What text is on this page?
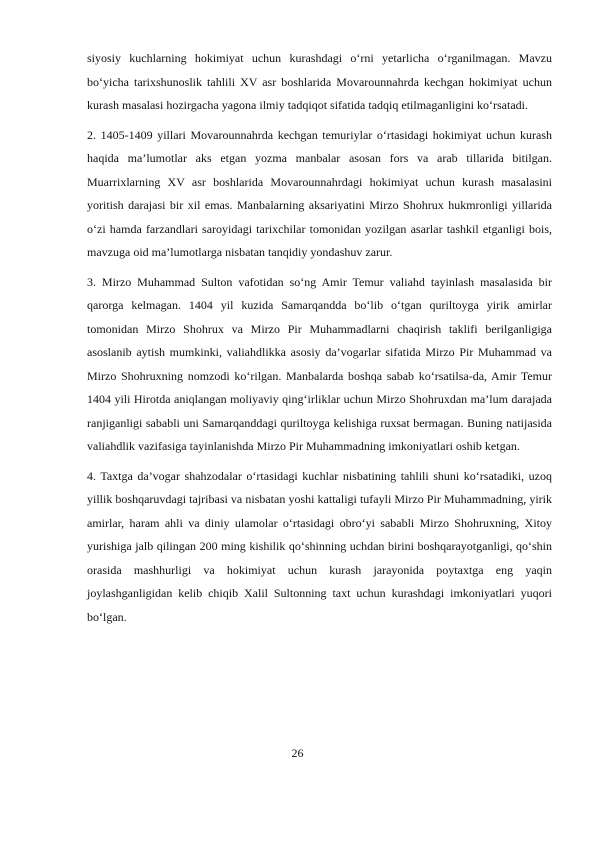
siyosiy kuchlarning hokimiyat uchun kurashdagi o‘rni yetarlicha o‘rganilmagan. Mavzu bo‘yicha tarixshunoslik tahlili XV asr boshlarida Movarounnahrda kechgan hokimiyat uchun kurash masalasi hozirgacha yagona ilmiy tadqiqot sifatida tadqiq etilmaganligini ko‘rsatadi.

2. 1405-1409 yillari Movarounnahrda kechgan temuriylar o‘rtasidagi hokimiyat uchun kurash haqida ma’lumotlar aks etgan yozma manbalar asosan fors va arab tillarida bitilgan. Muarrixlarning XV asr boshlarida Movarounnahrdagi hokimiyat uchun kurash masalasini yoritish darajasi bir xil emas. Manbalarning aksariyatini Mirzo Shohrux hukmronligi yillarida o‘zi hamda farzandlari saroyidagi tarixchilar tomonidan yozilgan asarlar tashkil etganligi bois, mavzuga oid ma’lumotlarga nisbatan tanqidiy yondashuv zarur.

3. Mirzo Muhammad Sulton vafotidan so‘ng Amir Temur valiahd tayinlash masalasida bir qarorga kelmagan. 1404 yil kuzida Samarqandda bo‘lib o‘tgan quriltoyga yirik amirlar tomonidan Mirzo Shohrux va Mirzo Pir Muhammadlarni chaqirish taklifi berilganligiga asoslanib aytish mumkinki, valiahdlikka asosiy da’vogarlar sifatida Mirzo Pir Muhammad va Mirzo Shohruxning nomzodi ko‘rilgan. Manbalarda boshqa sabab ko‘rsatilsa-da, Amir Temur 1404 yili Hirotda aniqlangan moliyaviy qing‘irliklar uchun Mirzo Shohruxdan ma’lum darajada ranjiganligi sababli uni Samarqanddagi quriltoyga kelishiga ruxsat bermagan. Buning natijasida valiahdlik vazifasiga tayinlanishda Mirzo Pir Muhammadning imkoniyatlari oshib ketgan.

4. Taxtga da’vogar shahzodalar o‘rtasidagi kuchlar nisbatining tahlili shuni ko‘rsatadiki, uzoq yillik boshqaruvdagi tajribasi va nisbatan yoshi kattaligi tufayli Mirzo Pir Muhammadning, yirik amirlar, haram ahli va diniy ulamolar o‘rtasidagi obro‘yi sababli Mirzo Shohruxning, Xitoy yurishiga jalb qilingan 200 ming kishilik qo‘shinning uchdan birini boshqarayotganligi, qo‘shin orasida mashhurligi va hokimiyat uchun kurash jarayonida poytaxtga eng yaqin joylashganligidan kelib chiqib Xalil Sultonning taxt uchun kurashdagi imkoniyatlari yuqori bo‘lgan.

26
